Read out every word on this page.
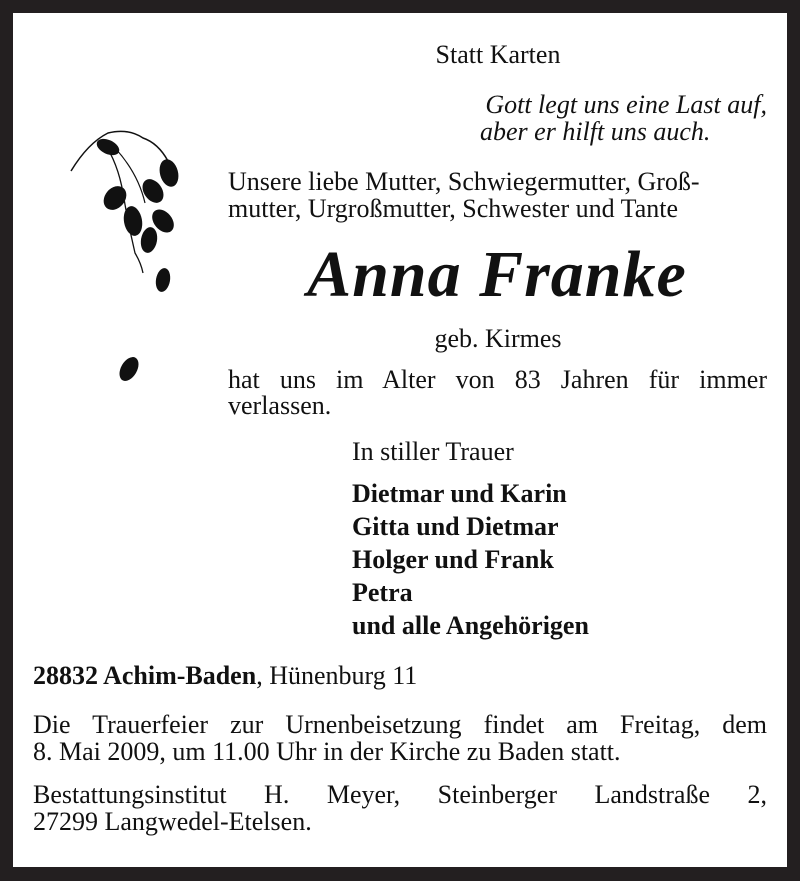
Statt Karten
Gott legt uns eine Last auf,
aber er hilft uns auch.
Unsere liebe Mutter, Schwiegermutter, Groß-
mutter, Urgroßmutter, Schwester und Tante
Anna Franke
geb. Kirmes
hat uns im Alter von 83 Jahren für immer
verlassen.
In stiller Trauer
Dietmar und Karin
Gitta und Dietmar
Holger und Frank
Petra
und alle Angehörigen
28832 Achim-Baden, Hünenburg 11
Die Trauerfeier zur Urnenbeisetzung findet am Freitag, dem
8. Mai 2009, um 11.00 Uhr in der Kirche zu Baden statt.
Bestattungsinstitut H. Meyer, Steinberger Landstraße 2,
27299 Langwedel-Etelsen.
